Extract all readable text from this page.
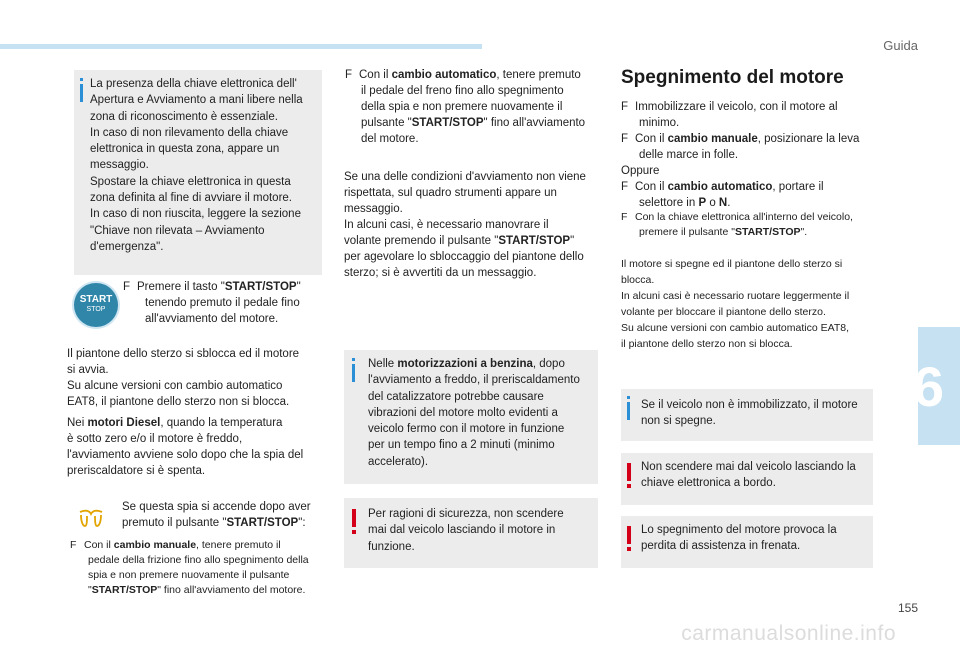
Guida
6
La presenza della chiave elettronica dell'
Apertura e Avviamento a mani libere nella
zona di riconoscimento è essenziale.
In caso di non rilevamento della chiave
elettronica in questa zona, appare un
messaggio.
Spostare la chiave elettronica in questa
zona definita al fine di avviare il motore.
In caso di non riuscita, leggere la sezione
"Chiave non rilevata – Avviamento
d'emergenza".
START
STOP
F Premere il tasto "START/STOP"
tenendo premuto il pedale fino
all'avviamento del motore.
Il piantone dello sterzo si sblocca ed il motore
si avvia.
Su alcune versioni con cambio automatico
EAT8, il piantone dello sterzo non si blocca.
Nei motori Diesel, quando la temperatura
è sotto zero e/o il motore è freddo,
l'avviamento avviene solo dopo che la spia del
preriscaldatore si è spenta.
Se questa spia si accende dopo aver
premuto il pulsante "START/STOP":
F Con il cambio manuale, tenere premuto il
pedale della frizione fino allo spegnimento della
spia e non premere nuovamente il pulsante
"START/STOP" fino all'avviamento del motore.
F Con il cambio automatico, tenere premuto
il pedale del freno fino allo spegnimento
della spia e non premere nuovamente il
pulsante "START/STOP" fino all'avviamento
del motore.
Se una delle condizioni d'avviamento non viene
rispettata, sul quadro strumenti appare un
messaggio.
In alcuni casi, è necessario manovrare il
volante premendo il pulsante "START/STOP"
per agevolare lo sbloccaggio del piantone dello
sterzo; si è avvertiti da un messaggio.
Nelle motorizzazioni a benzina, dopo
l'avviamento a freddo, il preriscaldamento
del catalizzatore potrebbe causare
vibrazioni del motore molto evidenti a
veicolo fermo con il motore in funzione
per un tempo fino a 2 minuti (minimo
accelerato).
Per ragioni di sicurezza, non scendere
mai dal veicolo lasciando il motore in
funzione.
Spegnimento del motore
F Immobilizzare il veicolo, con il motore al
minimo.
F Con il cambio manuale, posizionare la leva
delle marce in folle.
Oppure
F Con il cambio automatico, portare il
selettore in P o N.
F Con la chiave elettronica all'interno del veicolo,
premere il pulsante "START/STOP".
Il motore si spegne ed il piantone dello sterzo si
blocca.
In alcuni casi è necessario ruotare leggermente il
volante per bloccare il piantone dello sterzo.
Su alcune versioni con cambio automatico EAT8,
il piantone dello sterzo non si blocca.
Se il veicolo non è immobilizzato, il motore
non si spegne.
Non scendere mai dal veicolo lasciando la
chiave elettronica a bordo.
Lo spegnimento del motore provoca la
perdita di assistenza in frenata.
155
carmanualsonline.info
